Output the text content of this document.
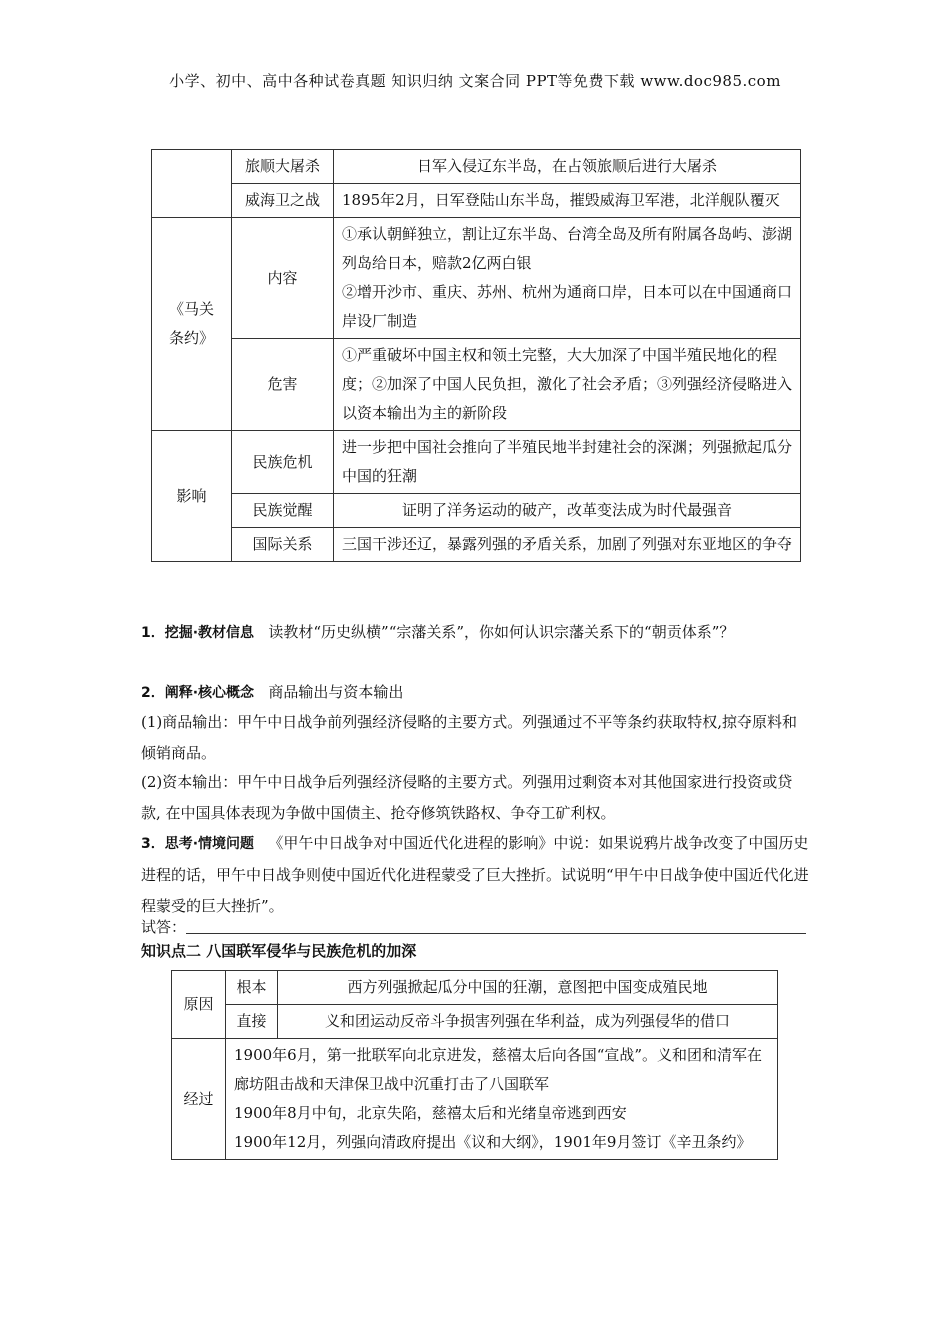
小学、初中、高中各种试卷真题 知识归纳 文案合同 PPT等免费下载 www.doc985.com
	旅顺大屠杀	日军入侵辽东半岛，在占领旅顺后进行大屠杀
	威海卫之战	1895年2月，日军登陆山东半岛，摧毁威海卫军港，北洋舰队覆灭
《马关条约》	内容	①承认朝鲜独立，割让辽东半岛、台湾全岛及所有附属各岛屿、澎湖列岛给日本，赔款2亿两白银
②增开沙市、重庆、苏州、杭州为通商口岸，日本可以在中国通商口岸设厂制造

	危害	①严重破坏中国主权和领土完整，大大加深了中国半殖民地化的程度；②加深了中国人民负担，激化了社会矛盾；③列强经济侵略进入以资本输出为主的新阶段
影响	民族危机	进一步把中国社会推向了半殖民地半封建社会的深渊；列强掀起瓜分中国的狂潮
	民族觉醒	证明了洋务运动的破产，改革变法成为时代最强音
	国际关系	三国干涉还辽，暴露列强的矛盾关系，加剧了列强对东亚地区的争夺
1．挖掘·教材信息 读教材“历史纵横”“宗藩关系”，你如何认识宗藩关系下的“朝贡体系”？
2．阐释·核心概念 商品输出与资本输出
(1)商品输出：甲午中日战争前列强经济侵略的主要方式。列强通过不平等条约获取特权,掠夺原料和倾销商品。
(2)资本输出：甲午中日战争后列强经济侵略的主要方式。列强用过剩资本对其他国家进行投资或贷款, 在中国具体表现为争做中国债主、抢夺修筑铁路权、争夺工矿利权。
3．思考·情境问题 《甲午中日战争对中国近代化进程的影响》中说：如果说鸦片战争改变了中国历史进程的话，甲午中日战争则使中国近代化进程蒙受了巨大挫折。试说明“甲午中日战争使中国近代化进程蒙受的巨大挫折”。
试答：
知识点二 八国联军侵华与民族危机的加深
原因	根本	西方列强掀起瓜分中国的狂潮，意图把中国变成殖民地
	直接	义和团运动反帝斗争损害列强在华利益，成为列强侵华的借口
经过	1900年6月，第一批联军向北京进发，慈禧太后向各国“宣战”。义和团和清军在廊坊阻击战和天津保卫战中沉重打击了八国联军
1900年8月中旬，北京失陷，慈禧太后和光绪皇帝逃到西安
1900年12月，列强向清政府提出《议和大纲》，1901年9月签订《辛丑条约》	
